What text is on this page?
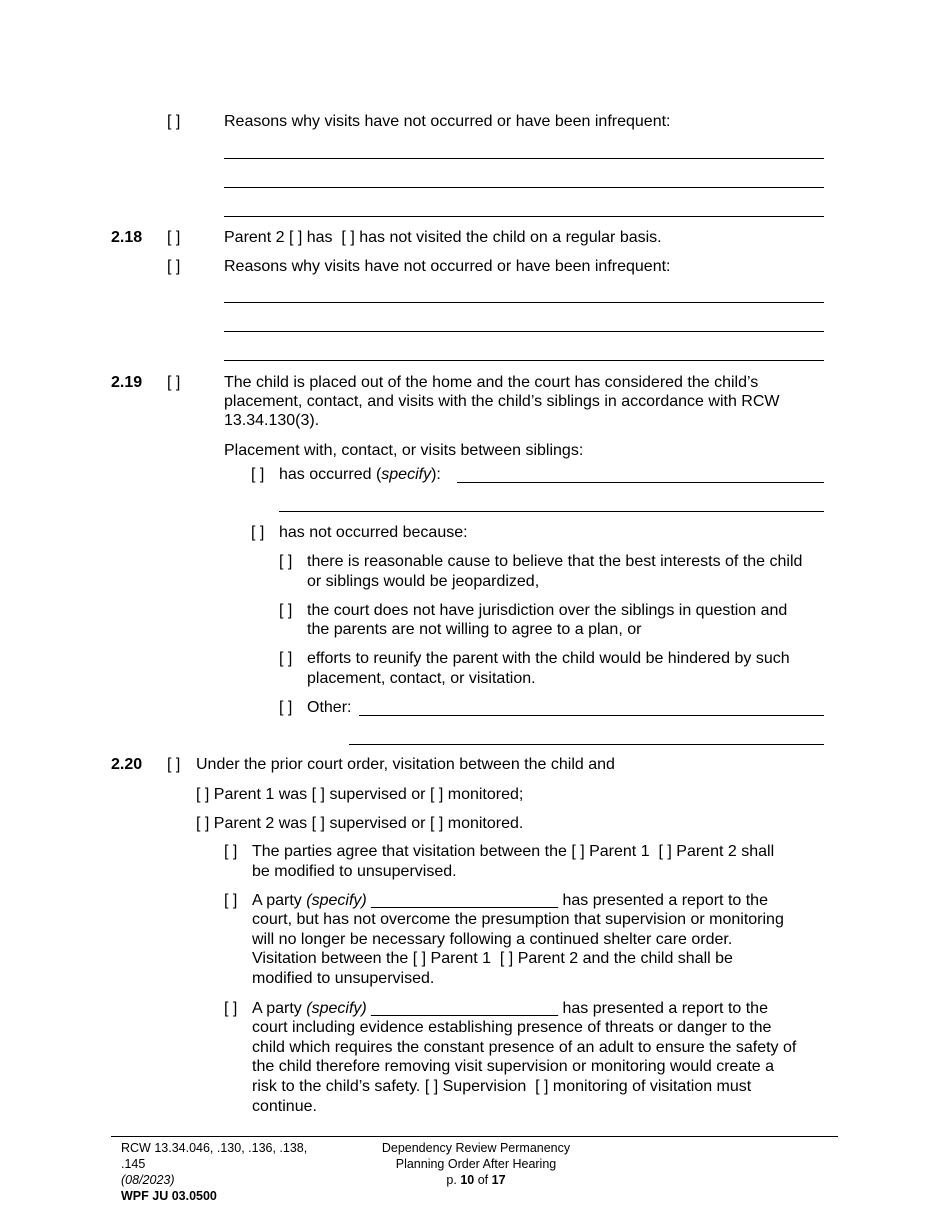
[ ]	Reasons why visits have not occurred or have been infrequent:
2.18 [ ]	Parent 2 [ ] has [ ] has not visited the child on a regular basis.
[ ]	Reasons why visits have not occurred or have been infrequent:
2.19 [ ]	The child is placed out of the home and the court has considered the child’s
placement, contact, and visits with the child’s siblings in accordance with RCW
13.34.130(3).
Placement with, contact, or visits between siblings:
[ ] has occurred (specify):
[ ] has not occurred because:
[ ] there is reasonable cause to believe that the best interests of the child
or siblings would be jeopardized,
[ ] the court does not have jurisdiction over the siblings in question and
the parents are not willing to agree to a plan, or
[ ] efforts to reunify the parent with the child would be hindered by such
placement, contact, or visitation.
[ ] Other:
2.20 [ ] Under the prior court order, visitation between the child and
[ ] Parent 1 was [ ] supervised or [ ] monitored;
[ ] Parent 2 was [ ] supervised or [ ] monitored.
[ ] The parties agree that visitation between the [ ] Parent 1 [ ] Parent 2 shall
be modified to unsupervised.
[ ] A party (specify) _____________________ has presented a report to the
court, but has not overcome the presumption that supervision or monitoring
will no longer be necessary following a continued shelter care order.
Visitation between the [ ] Parent 1 [ ] Parent 2 and the child shall be
modified to unsupervised.
[ ] A party (specify) _____________________ has presented a report to the
court including evidence establishing presence of threats or danger to the
child which requires the constant presence of an adult to ensure the safety of
the child therefore removing visit supervision or monitoring would create a
risk to the child’s safety. [ ] Supervision [ ] monitoring of visitation must
continue.
RCW 13.34.046, .130, .136, .138,
.145
(08/2023)
WPF JU 03.0500
Dependency Review Permanency
Planning Order After Hearing
p. 10 of 17
